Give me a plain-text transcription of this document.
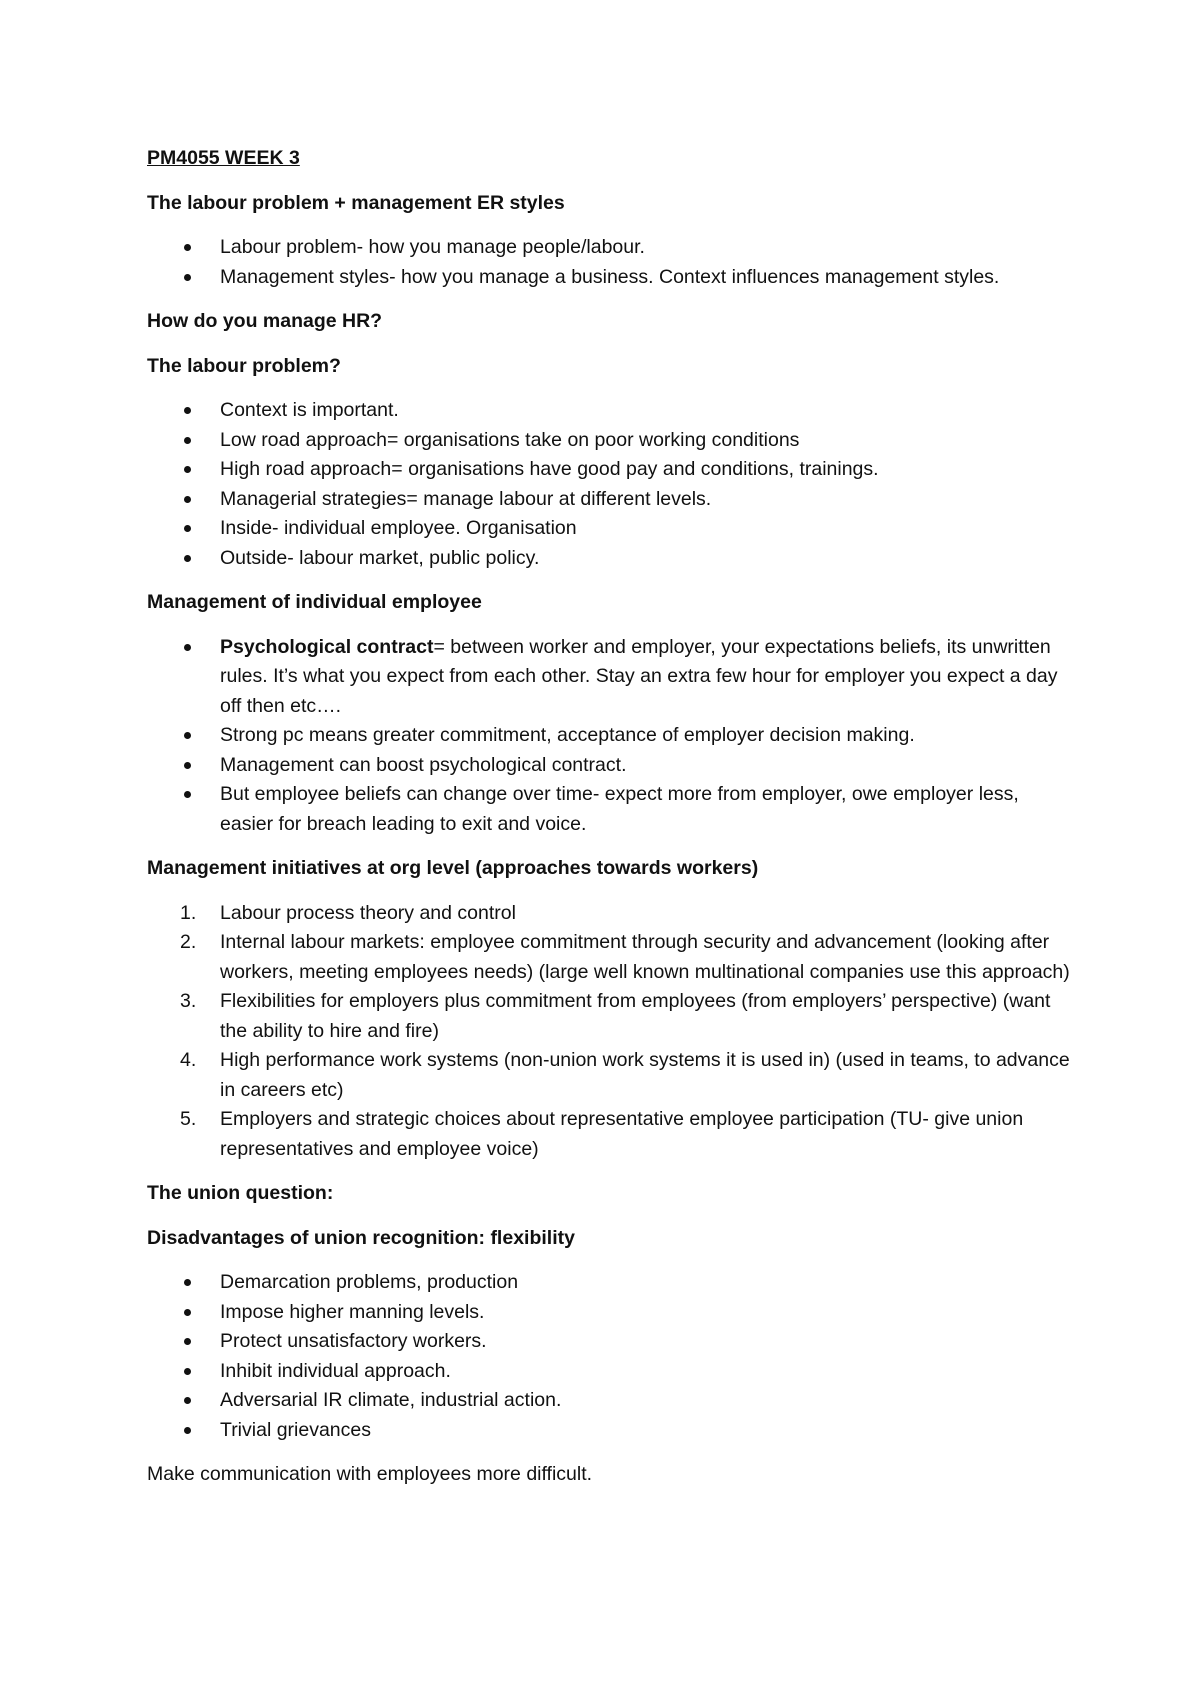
PM4055 WEEK 3

The labour problem + management ER styles

Labour problem- how you manage people/labour.
Management styles- how you manage a business. Context influences management styles.

How do you manage HR?

The labour problem?

Context is important.
Low road approach= organisations take on poor working conditions
High road approach= organisations have good pay and conditions, trainings.
Managerial strategies= manage labour at different levels.
Inside- individual employee. Organisation
Outside- labour market, public policy.

Management of individual employee

Psychological contract= between worker and employer, your expectations beliefs, its unwritten rules. It’s what you expect from each other. Stay an extra few hour for employer you expect a day off then etc….
Strong pc means greater commitment, acceptance of employer decision making.
Management can boost psychological contract.
But employee beliefs can change over time- expect more from employer, owe employer less, easier for breach leading to exit and voice.

Management initiatives at org level (approaches towards workers)

1.	Labour process theory and control
2.	Internal labour markets: employee commitment through security and advancement (looking after workers, meeting employees needs) (large well known multinational companies use this approach)
3.	Flexibilities for employers plus commitment from employees (from employers’ perspective) (want the ability to hire and fire)
4.	High performance work systems (non-union work systems it is used in) (used in teams, to advance in careers etc)
5.	Employers and strategic choices about representative employee participation (TU- give union representatives and employee voice)

The union question:

Disadvantages of union recognition: flexibility

Demarcation problems, production
Impose higher manning levels.
Protect unsatisfactory workers.
Inhibit individual approach.
Adversarial IR climate, industrial action.
Trivial grievances

Make communication with employees more difficult.
